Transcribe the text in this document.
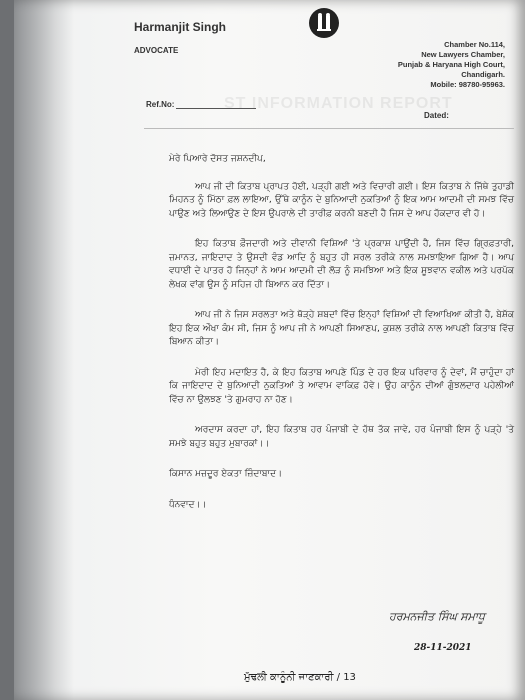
Harmanjit Singh
ADVOCATE
Chamber No.114,
New Lawyers Chamber,
Punjab & Haryana High Court,
Chandigarh.
Mobile: 98780-95963.
ST INFORMATION REPORT
Ref.No:
Dated:

ਮੇਰੇ ਪਿਆਰੇ ਦੋਸਤ ਜਸ਼ਨਦੀਪ,

ਆਪ ਜੀ ਦੀ ਕਿਤਾਬ ਪ੍ਰਾਪਤ ਹੋਈ, ਪੜ੍ਹੀ ਗਈ ਅਤੇ ਵਿਚਾਰੀ ਗਈ। ਇਸ ਕਿਤਾਬ ਨੇ ਜਿੱਥੇ ਤੁਹਾਡੀ ਮਿਹਨਤ ਨੂੰ ਮਿੱਠਾ ਫ਼ਲ ਲਾਇਆ, ਉੱਥੇ ਕਾਨੂੰਨ ਦੇ ਬੁਨਿਆਦੀ ਨੁਕਤਿਆਂ ਨੂੰ ਇਕ ਆਮ ਆਦਮੀ ਦੀ ਸਮਝ ਵਿੱਚ ਪਾਉਣ ਅਤੇ ਲਿਆਉਣ ਦੇ ਇਸ ਉਪਰਾਲੇ ਦੀ ਤਾਰੀਫ਼ ਕਰਨੀ ਬਣਦੀ ਹੈ ਜਿਸ ਦੇ ਆਪ ਹੱਕਦਾਰ ਵੀ ਹੋ।

ਇਹ ਕਿਤਾਬ ਫ਼ੌਜਦਾਰੀ ਅਤੇ ਦੀਵਾਨੀ ਵਿਸ਼ਿਆਂ 'ਤੇ ਪ੍ਰਕਾਸ਼ ਪਾਉਂਦੀ ਹੈ, ਜਿਸ ਵਿੱਚ ਗ੍ਰਿਫ਼ਤਾਰੀ, ਜ਼ਮਾਨਤ, ਜਾਇਦਾਦ ਤੇ ਉਸਦੀ ਵੰਡ ਆਦਿ ਨੂੰ ਬਹੁਤ ਹੀ ਸਰਲ ਤਰੀਕੇ ਨਾਲ ਸਮਝਾਇਆ ਗਿਆ ਹੈ। ਆਪ ਵਧਾਈ ਦੇ ਪਾਤਰ ਹੋ ਜਿਨ੍ਹਾਂ ਨੇ ਆਮ ਆਦਮੀ ਦੀ ਲੋੜ ਨੂੰ ਸਮਝਿਆ ਅਤੇ ਇਕ ਸੂਝਵਾਨ ਵਕੀਲ ਅਤੇ ਪਰਪੱਕ ਲੇਖਕ ਵਾਂਗ ਉਸ ਨੂੰ ਸਹਿਜ ਹੀ ਬਿਆਨ ਕਰ ਦਿੱਤਾ।

ਆਪ ਜੀ ਨੇ ਜਿਸ ਸਰਲਤਾ ਅਤੇ ਥੋੜ੍ਹੇ ਸ਼ਬਦਾਂ ਵਿੱਚ ਇਨ੍ਹਾਂ ਵਿਸ਼ਿਆਂ ਦੀ ਵਿਆਖਿਆ ਕੀਤੀ ਹੈ, ਬੇਸ਼ੱਕ ਇਹ ਇਕ ਔਖਾ ਕੰਮ ਸੀ, ਜਿਸ ਨੂੰ ਆਪ ਜੀ ਨੇ ਆਪਣੀ ਸਿਆਣਪ, ਕੁਸ਼ਲ ਤਰੀਕੇ ਨਾਲ ਆਪਣੀ ਕਿਤਾਬ ਵਿੱਚ ਬਿਆਨ ਕੀਤਾ।

ਮੇਰੀ ਇਹ ਮਦਾਇਤ ਹੈ, ਕੇ ਇਹ ਕਿਤਾਬ ਆਪਣੇ ਪਿੰਡ ਦੇ ਹਰ ਇਕ ਪਰਿਵਾਰ ਨੂੰ ਦੇਵਾਂ, ਮੈਂ ਚਾਹੁੰਦਾ ਹਾਂ ਕਿ ਜਾਇਦਾਦ ਦੇ ਬੁਨਿਆਦੀ ਨੁਕਤਿਆਂ ਤੇ ਆਵਾਮ ਵਾਕਿਫ਼ ਹੋਵੇ। ਉਹ ਕਾਨੂੰਨ ਦੀਆਂ ਗੁੰਝਲਦਾਰ ਪਹੇਲੀਆਂ ਵਿੱਚ ਨਾ ਉਲਝਣ 'ਤੇ ਗੁਮਰਾਹ ਨਾ ਹੋਣ।

ਅਰਦਾਸ ਕਰਦਾ ਹਾਂ, ਇਹ ਕਿਤਾਬ ਹਰ ਪੰਜਾਬੀ ਦੇ ਹੱਥ ਤੱਕ ਜਾਵੇ, ਹਰ ਪੰਜਾਬੀ ਇਸ ਨੂੰ ਪੜ੍ਹੇ 'ਤੇ ਸਮਝੇ ਬਹੁਤ ਬਹੁਤ ਮੁਬਾਰਕਾਂ।।

ਕਿਸਾਨ ਮਜ਼ਦੂਰ ਏਕਤਾ ਜ਼ਿੰਦਾਬਾਦ।

ਧੰਨਵਾਦ।।

ਹਰਮਨਜੀਤ ਸਿੰਘ ਸਮਾਧੂ
28-11-2021
ਮੁੱਢਲੀ ਕਾਨੂੰਨੀ ਜਾਣਕਾਰੀ / 13
